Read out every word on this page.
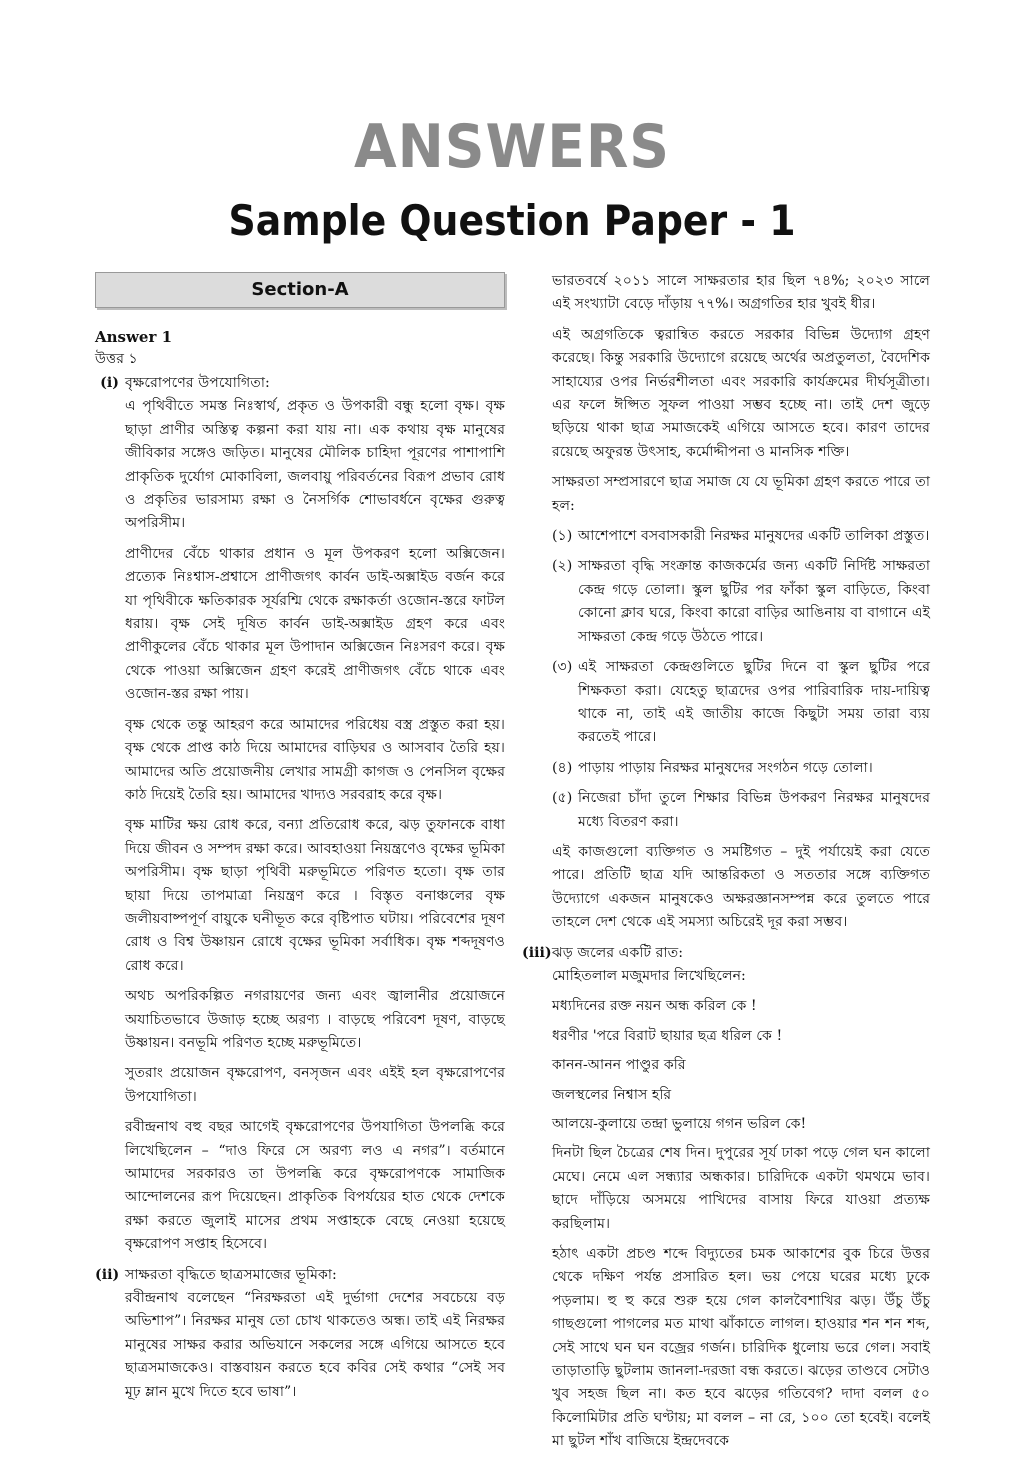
ANSWERS
Sample Question Paper - 1
Section-A
Answer 1
উত্তর ১
(i) বৃক্ষরোপণের উপযোগিতা:

এ পৃথিবীতে সমস্ত নিঃস্বার্থ, প্রকৃত ও উপকারী বন্ধু হলো বৃক্ষ। বৃক্ষ ছাড়া প্রাণীর অস্তিত্ব কল্পনা করা যায় না। এক কথায় বৃক্ষ মানুষের জীবিকার সঙ্গেও জড়িত। মানুষের মৌলিক চাহিদা পূরণের পাশাপাশি প্রাকৃতিক দুর্যোগ মোকাবিলা, জলবায়ু পরিবর্তনের বিরূপ প্রভাব রোধ ও প্রকৃতির ভারসাম্য রক্ষা ও নৈসর্গিক শোভাবর্ধনে বৃক্ষের গুরুত্ব অপরিসীম।

প্রাণীদের বেঁচে থাকার প্রধান ও মূল উপকরণ হলো অক্সিজেন। প্রত্যেক নিঃশ্বাস-প্রশ্বাসে প্রাণীজগৎ কার্বন ডাই-অক্সাইড বর্জন করে যা পৃথিবীকে ক্ষতিকারক সূর্যরশ্মি থেকে রক্ষাকর্তা ওজোন-স্তরে ফাটল ধরায়। বৃক্ষ সেই দূষিত কার্বন ডাই-অক্সাইড গ্রহণ করে এবং প্রাণীকুলের বেঁচে থাকার মূল উপাদান অক্সিজেন নিঃসরণ করে। বৃক্ষ থেকে পাওয়া অক্সিজেন গ্রহণ করেই প্রাণীজগৎ বেঁচে থাকে এবং ওজোন-স্তর রক্ষা পায়।

বৃক্ষ থেকে তন্তু আহরণ করে আমাদের পরিধেয় বস্ত্র প্রস্তুত করা হয়। বৃক্ষ থেকে প্রাপ্ত কাঠ দিয়ে আমাদের বাড়িঘর ও আসবাব তৈরি হয়। আমাদের অতি প্রয়োজনীয় লেখার সামগ্রী কাগজ ও পেনসিল বৃক্ষের কাঠ দিয়েই তৈরি হয়। আমাদের খাদ্যও সরবরাহ করে বৃক্ষ।

বৃক্ষ মাটির ক্ষয় রোধ করে, বন্যা প্রতিরোধ করে, ঝড় তুফানকে বাধা দিয়ে জীবন ও সম্পদ রক্ষা করে। আবহাওয়া নিয়ন্ত্রণেও বৃক্ষের ভূমিকা অপরিসীম। বৃক্ষ ছাড়া পৃথিবী মরুভূমিতে পরিণত হতো। বৃক্ষ তার ছায়া দিয়ে তাপমাত্রা নিয়ন্ত্রণ করে । বিস্তৃত বনাঞ্চলের বৃক্ষ জলীয়বাষ্পপূর্ণ বায়ুকে ঘনীভূত করে বৃষ্টিপাত ঘটায়। পরিবেশের দূষণ রোধ ও বিশ্ব উষ্ণায়ন রোধে বৃক্ষের ভূমিকা সর্বাধিক। বৃক্ষ শব্দদূষণও রোধ করে।

অথচ অপরিকল্পিত নগরায়ণের জন্য এবং জ্বালানীর প্রয়োজনে অযাচিতভাবে উজাড় হচ্ছে অরণ্য । বাড়ছে পরিবেশ দূষণ, বাড়ছে উষ্ণায়ন। বনভূমি পরিণত হচ্ছে মরুভূমিতে।

সুতরাং প্রয়োজন বৃক্ষরোপণ, বনসৃজন এবং এইই হল বৃক্ষরোপণের উপযোগিতা।

রবীন্দ্রনাথ বহু বছর আগেই বৃক্ষরোপণের উপযাগিতা উপলব্ধি করে লিখেছিলেন – “দাও ফিরে সে অরণ্য লও এ নগর”। বর্তমানে আমাদের সরকারও তা উপলব্ধি করে বৃক্ষরোপণকে সামাজিক আন্দোলনের রূপ দিয়েছেন। প্রাকৃতিক বিপর্যয়ের হাত থেকে দেশকে রক্ষা করতে জুলাই মাসের প্রথম সপ্তাহকে বেছে নেওয়া হয়েছে বৃক্ষরোপণ সপ্তাহ হিসেবে।

(ii) সাক্ষরতা বৃদ্ধিতে ছাত্রসমাজের ভূমিকা:

রবীন্দ্রনাথ বলেছেন “নিরক্ষরতা এই দুর্ভাগা দেশের সবচেয়ে বড় অভিশাপ”। নিরক্ষর মানুষ তো চোখ থাকতেও অন্ধ। তাই এই নিরক্ষর মানুষের সাক্ষর করার অভিযানে সকলের সঙ্গে এগিয়ে আসতে হবে ছাত্রসমাজকেও। বাস্তবায়ন করতে হবে কবির সেই কথার “সেই সব মূঢ় ম্লান মুখে দিতে হবে ভাষা”।

ভারতবর্ষে ২০১১ সালে সাক্ষরতার হার ছিল ৭৪%; ২০২৩ সালে এই সংখ্যাটা বেড়ে দাঁড়ায় ৭৭%। অগ্রগতির হার খুবই ধীর।

এই অগ্রগতিকে ত্বরান্বিত করতে সরকার বিভিন্ন উদ্যোগ গ্রহণ করেছে। কিন্তু সরকারি উদ্যোগে রয়েছে অর্থের অপ্রতুলতা, বৈদেশিক সাহায্যের ওপর নির্ভরশীলতা এবং সরকারি কার্যক্রমের দীর্ঘসূত্রীতা। এর ফলে ঈপ্সিত সুফল পাওয়া সম্ভব হচ্ছে না। তাই দেশ জুড়ে ছড়িয়ে থাকা ছাত্র সমাজকেই এগিয়ে আসতে হবে। কারণ তাদের রয়েছে অফুরন্ত উৎসাহ, কর্মোদ্দীপনা ও মানসিক শক্তি।

সাক্ষরতা সম্প্রসারণে ছাত্র সমাজ যে যে ভূমিকা গ্রহণ করতে পারে তা হল:

(১) আশেপাশে বসবাসকারী নিরক্ষর মানুষদের একটি তালিকা প্রস্তুত।
(২) সাক্ষরতা বৃদ্ধি সংক্রান্ত কাজকর্মের জন্য একটি নির্দিষ্ট সাক্ষরতা কেন্দ্র গড়ে তোলা। স্কুল ছুটির পর ফাঁকা স্কুল বাড়িতে, কিংবা কোনো ক্লাব ঘরে, কিংবা কারো বাড়ির আঙিনায় বা বাগানে এই সাক্ষরতা কেন্দ্র গড়ে উঠতে পারে।
(৩) এই সাক্ষরতা কেন্দ্রগুলিতে ছুটির দিনে বা স্কুল ছুটির পরে শিক্ষকতা করা। যেহেতু ছাত্রদের ওপর পারিবারিক দায়-দায়িত্ব থাকে না, তাই এই জাতীয় কাজে কিছুটা সময় তারা ব্যয় করতেই পারে।
(৪) পাড়ায় পাড়ায় নিরক্ষর মানুষদের সংগঠন গড়ে তোলা।
(৫) নিজেরা চাঁদা তুলে শিক্ষার বিভিন্ন উপকরণ নিরক্ষর মানুষদের মধ্যে বিতরণ করা।

এই কাজগুলো ব্যক্তিগত ও সমষ্টিগত – দুই পর্যায়েই করা যেতে পারে। প্রতিটি ছাত্র যদি আন্তরিকতা ও সততার সঙ্গে ব্যক্তিগত উদ্যোগে একজন মানুষকেও অক্ষরজ্ঞানসম্পন্ন করে তুলতে পারে তাহলে দেশ থেকে এই সমস্যা অচিরেই দূর করা সম্ভব।

(iii) ঝড় জলের একটি রাত:

মোহিতলাল মজুমদার লিখেছিলেন:

মধ্যদিনের রক্ত নয়ন অন্ধ করিল কে !
ধরণীর 'পরে বিরাট ছায়ার ছত্র ধরিল কে !
কানন-আনন পাণ্ডুর করি
জলস্থলের নিশ্বাস হরি
আলয়ে-কুলায়ে তন্দ্রা ভুলায়ে গগন ভরিল কে!

দিনটা ছিল চৈত্রের শেষ দিন। দুপুরের সূর্য ঢাকা পড়ে গেল ঘন কালো মেঘে। নেমে এল সন্ধ্যার অন্ধকার। চারিদিকে একটা থমথমে ভাব। ছাদে দাঁড়িয়ে অসময়ে পাখিদের বাসায় ফিরে যাওয়া প্রত্যক্ষ করছিলাম।

হঠাৎ একটা প্রচণ্ড শব্দে বিদ্যুতের চমক আকাশের বুক চিরে উত্তর থেকে দক্ষিণ পর্যন্ত প্রসারিত হল। ভয় পেয়ে ঘরের মধ্যে ঢুকে পড়লাম। হু হু করে শুরু হয়ে গেল কালবৈশাখির ঝড়। উঁচু উঁচু গাছগুলো পাগলের মত মাথা ঝাঁকাতে লাগল। হাওয়ার শন শন শব্দ, সেই সাথে ঘন ঘন বজ্রের গর্জন। চারিদিক ধুলোয় ভরে গেল। সবাই তাড়াতাড়ি ছুটলাম জানলা-দরজা বন্ধ করতে। ঝড়ের তাণ্ডবে সেটাও খুব সহজ ছিল না। কত হবে ঝড়ের গতিবেগ? দাদা বলল ৫০ কিলোমিটার প্রতি ঘণ্টায়; মা বলল – না রে, ১০০ তো হবেই। বলেই মা ছুটল শাঁখ বাজিয়ে ইন্দ্রদেবকে
